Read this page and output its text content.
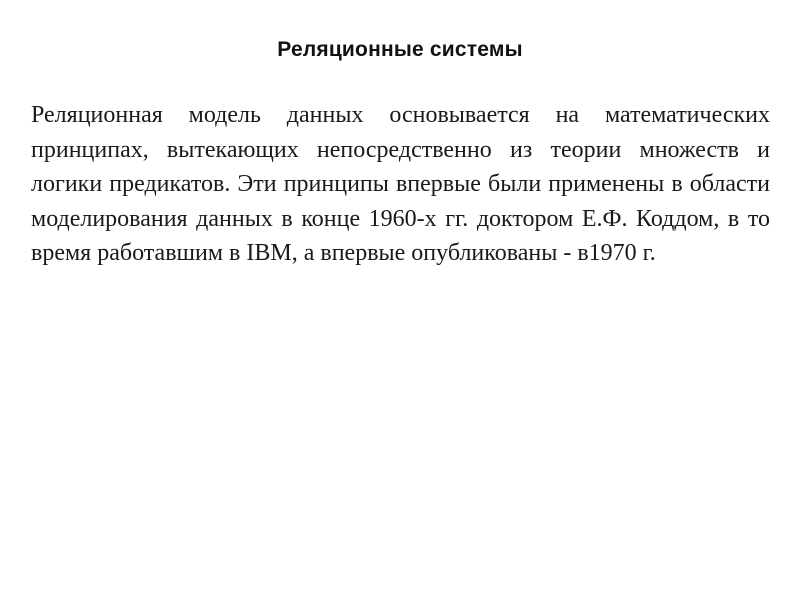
Реляционные системы

Реляционная модель данных основывается на математических принципах, вытекающих непосредственно из теории множеств и логики предикатов. Эти принципы впервые были применены в области моделирования данных в конце 1960-х гг. доктором Е.Ф. Коддом, в то время работавшим в IBM, а впервые опубликованы - в1970 г.
